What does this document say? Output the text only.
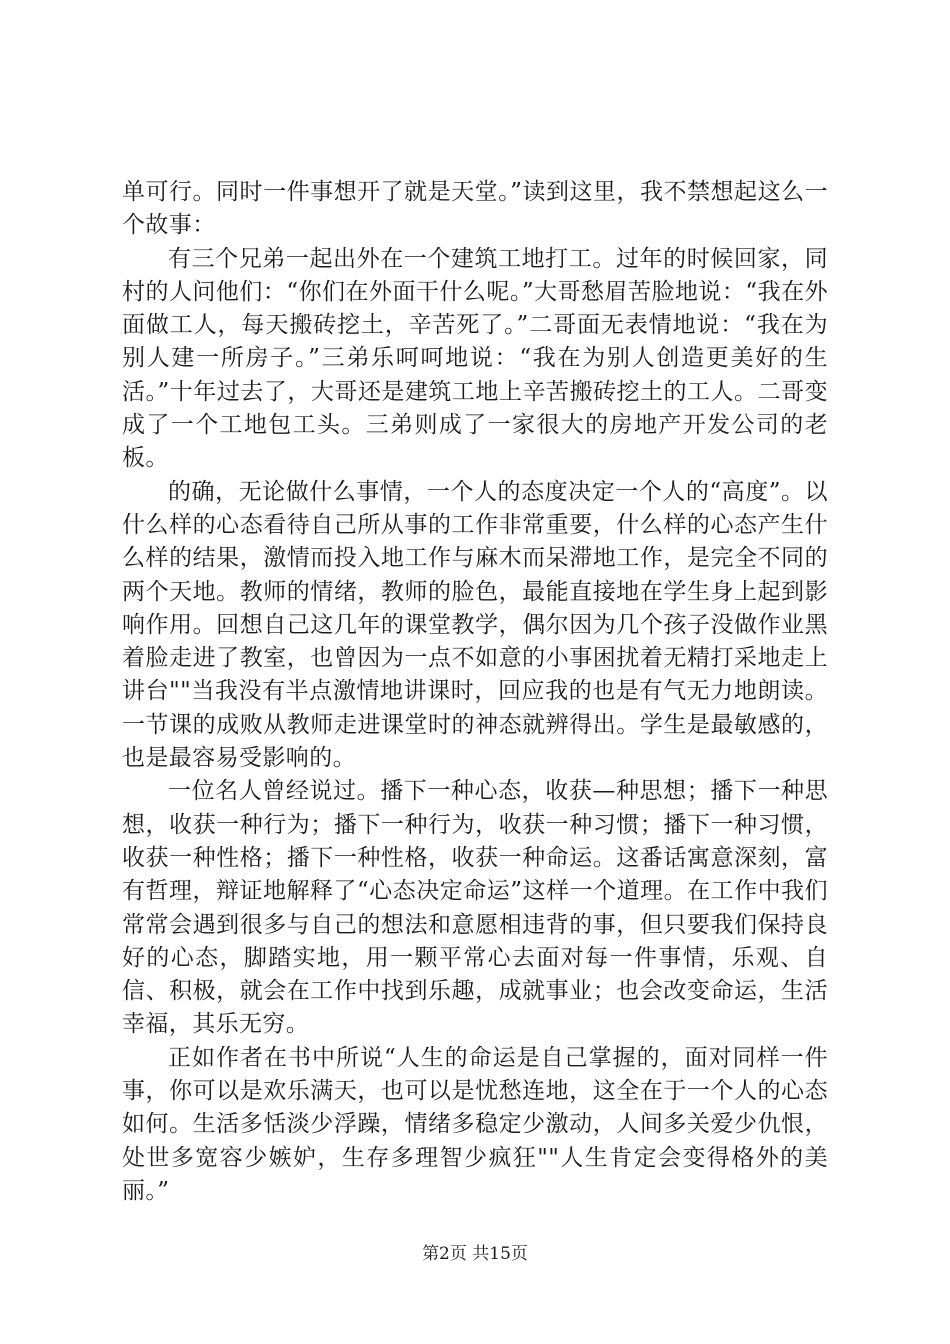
单可行。同时一件事想开了就是天堂。”读到这里，我不禁想起这么一个故事：

有三个兄弟一起出外在一个建筑工地打工。过年的时候回家，同村的人问他们：“你们在外面干什么呢。”大哥愁眉苦脸地说：“我在外面做工人，每天搬砖挖土，辛苦死了。”二哥面无表情地说：“我在为别人建一所房子。”三弟乐呵呵地说：“我在为别人创造更美好的生活。”十年过去了，大哥还是建筑工地上辛苦搬砖挖土的工人。二哥变成了一个工地包工头。三弟则成了一家很大的房地产开发公司的老板。

的确，无论做什么事情，一个人的态度决定一个人的“高度”。以什么样的心态看待自己所从事的工作非常重要，什么样的心态产生什么样的结果，激情而投入地工作与麻木而呆滞地工作，是完全不同的两个天地。教师的情绪，教师的脸色，最能直接地在学生身上起到影响作用。回想自己这几年的课堂教学，偶尔因为几个孩子没做作业黑着脸走进了教室，也曾因为一点不如意的小事困扰着无精打采地走上讲台""当我没有半点激情地讲课时，回应我的也是有气无力地朗读。一节课的成败从教师走进课堂时的神态就辨得出。学生是最敏感的，也是最容易受影响的。

一位名人曾经说过。播下一种心态，收获—种思想；播下一种思想，收获一种行为；播下一种行为，收获一种习惯；播下一种习惯，收获一种性格；播下一种性格，收获一种命运。这番话寓意深刻，富有哲理，辩证地解释了“心态决定命运”这样一个道理。在工作中我们常常会遇到很多与自己的想法和意愿相违背的事，但只要我们保持良好的心态，脚踏实地，用一颗平常心去面对每一件事情，乐观、自信、积极，就会在工作中找到乐趣，成就事业；也会改变命运，生活幸福，其乐无穷。

正如作者在书中所说“人生的命运是自己掌握的，面对同样一件事，你可以是欢乐满天，也可以是忧愁连地，这全在于一个人的心态如何。生活多恬淡少浮躁，情绪多稳定少激动，人间多关爱少仇恨，处世多宽容少嫉妒，生存多理智少疯狂""人生肯定会变得格外的美丽。”

第2页 共15页
